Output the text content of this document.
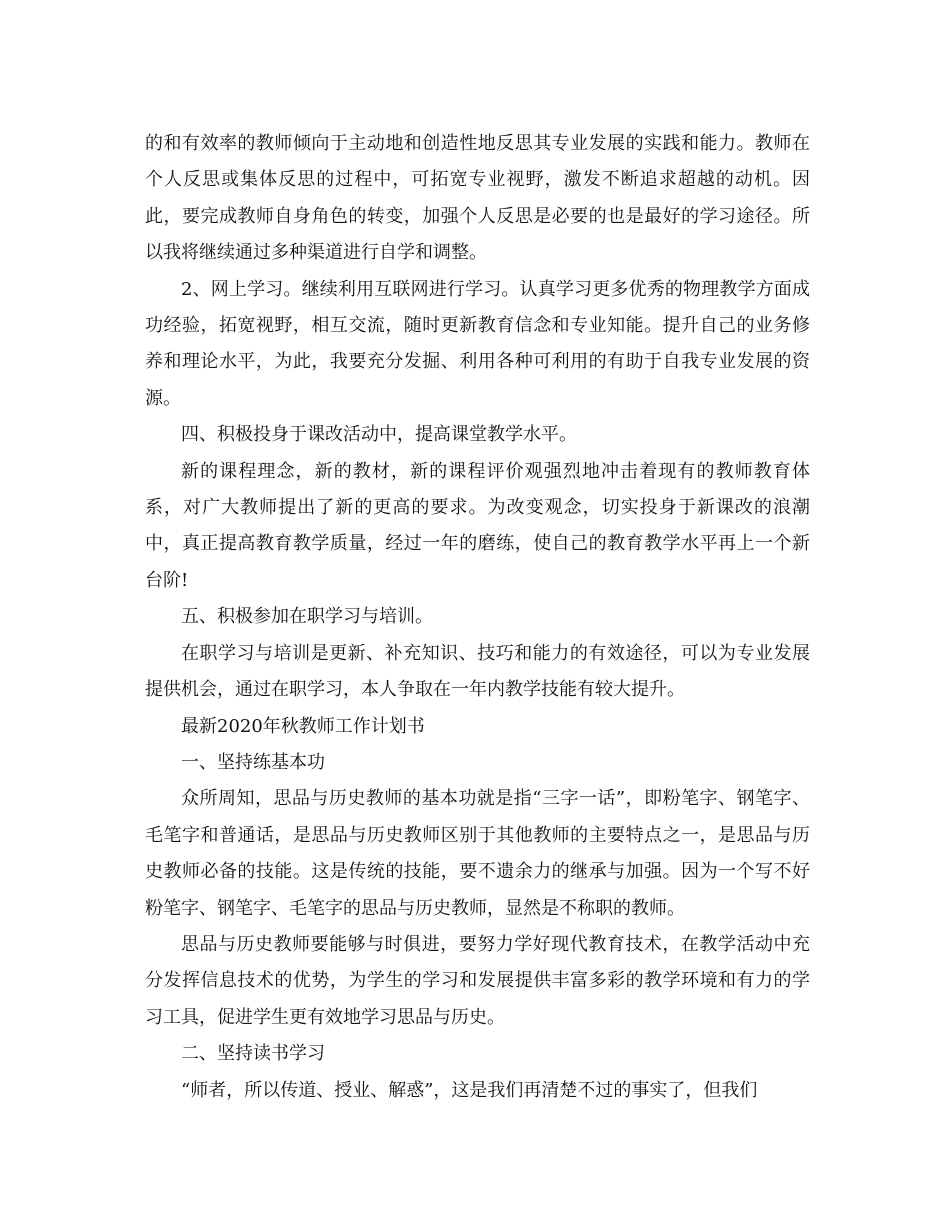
的和有效率的教师倾向于主动地和创造性地反思其专业发展的实践和能力。教师在个人反思或集体反思的过程中，可拓宽专业视野，激发不断追求超越的动机。因此，要完成教师自身角色的转变，加强个人反思是必要的也是最好的学习途径。所以我将继续通过多种渠道进行自学和调整。

2、网上学习。继续利用互联网进行学习。认真学习更多优秀的物理教学方面成功经验，拓宽视野，相互交流，随时更新教育信念和专业知能。提升自己的业务修养和理论水平，为此，我要充分发掘、利用各种可利用的有助于自我专业发展的资源。

四、积极投身于课改活动中，提高课堂教学水平。

新的课程理念，新的教材，新的课程评价观强烈地冲击着现有的教师教育体系，对广大教师提出了新的更高的要求。为改变观念，切实投身于新课改的浪潮中，真正提高教育教学质量，经过一年的磨练，使自己的教育教学水平再上一个新台阶!

五、积极参加在职学习与培训。

在职学习与培训是更新、补充知识、技巧和能力的有效途径，可以为专业发展提供机会，通过在职学习，本人争取在一年内教学技能有较大提升。

最新2020年秋教师工作计划书

一、坚持练基本功

众所周知，思品与历史教师的基本功就是指“三字一话”，即粉笔字、钢笔字、毛笔字和普通话，是思品与历史教师区别于其他教师的主要特点之一，是思品与历史教师必备的技能。这是传统的技能，要不遗余力的继承与加强。因为一个写不好粉笔字、钢笔字、毛笔字的思品与历史教师，显然是不称职的教师。

思品与历史教师要能够与时俱进，要努力学好现代教育技术，在教学活动中充分发挥信息技术的优势，为学生的学习和发展提供丰富多彩的教学环境和有力的学习工具，促进学生更有效地学习思品与历史。

二、坚持读书学习

“师者，所以传道、授业、解惑”，这是我们再清楚不过的事实了，但我们
